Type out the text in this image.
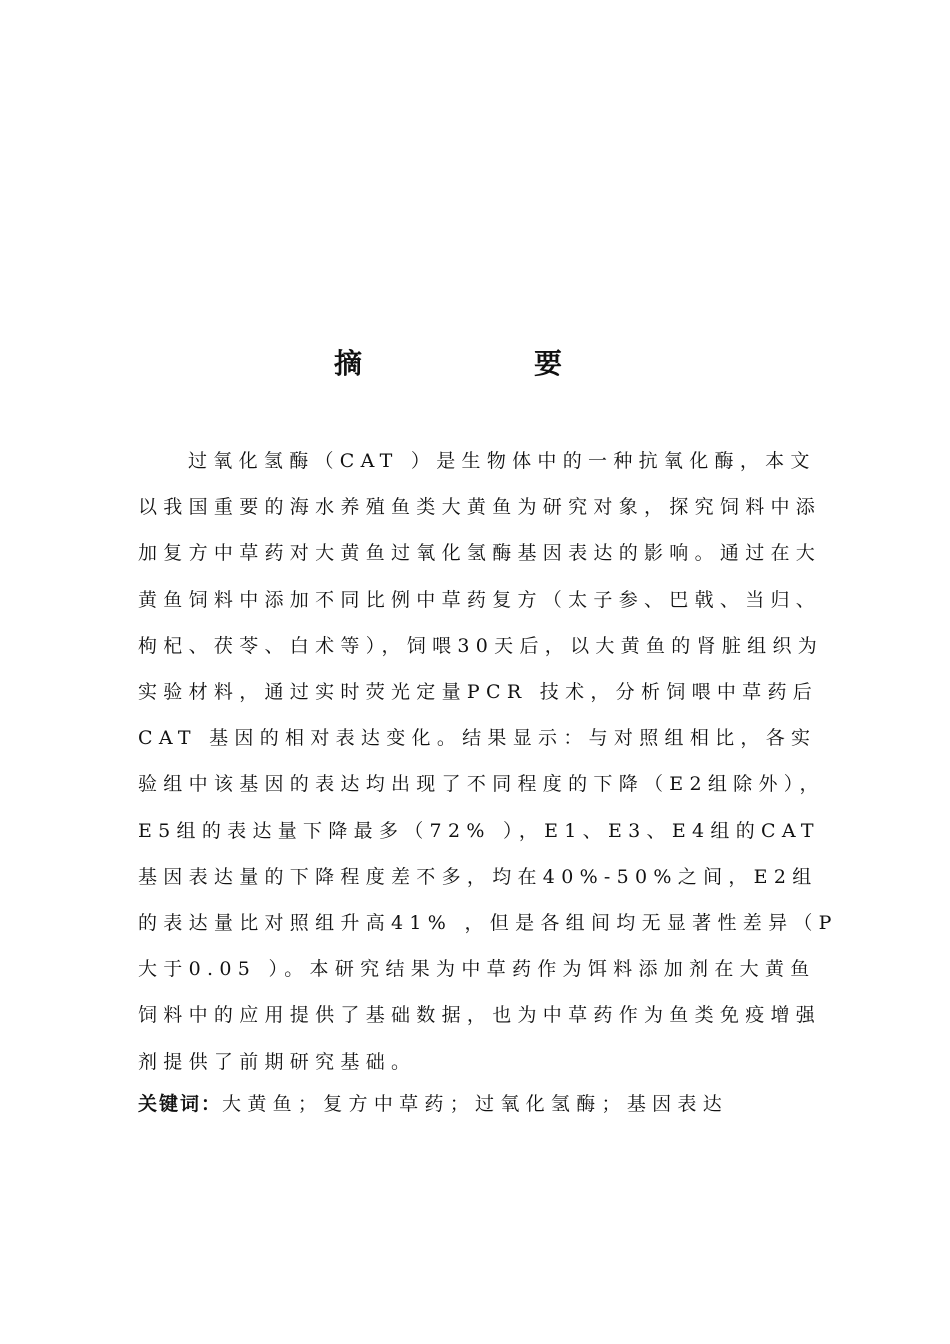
摘　要
过氧化氢酶（CAT ）是生物体中的一种抗氧化酶，本文以我国重要的海水养殖鱼类大黄鱼为研究对象，探究饲料中添加复方中草药对大黄鱼过氧化氢酶基因表达的影响。通过在大黄鱼饲料中添加不同比例中草药复方（太子参、巴戟、当归、枸杞、茯苓、白术等），饲喂30天后，以大黄鱼的肾脏组织为实验材料，通过实时荧光定量PCR 技术，分析饲喂中草药后CAT 基因的相对表达变化。结果显示：与对照组相比，各实验组中该基因的表达均出现了不同程度的下降（E2组除外），E5组的表达量下降最多（72% ），E1、E3、E4组的CAT 基因表达量的下降程度差不多，均在40%-50%之间，E2组的表达量比对照组升高41% ，但是各组间均无显著性差异（P 大于0.05 ）。本研究结果为中草药作为饵料添加剂在大黄鱼饲料中的应用提供了基础数据，也为中草药作为鱼类免疫增强剂提供了前期研究基础。
关键词：大黄鱼；复方中草药；过氧化氢酶；基因表达
